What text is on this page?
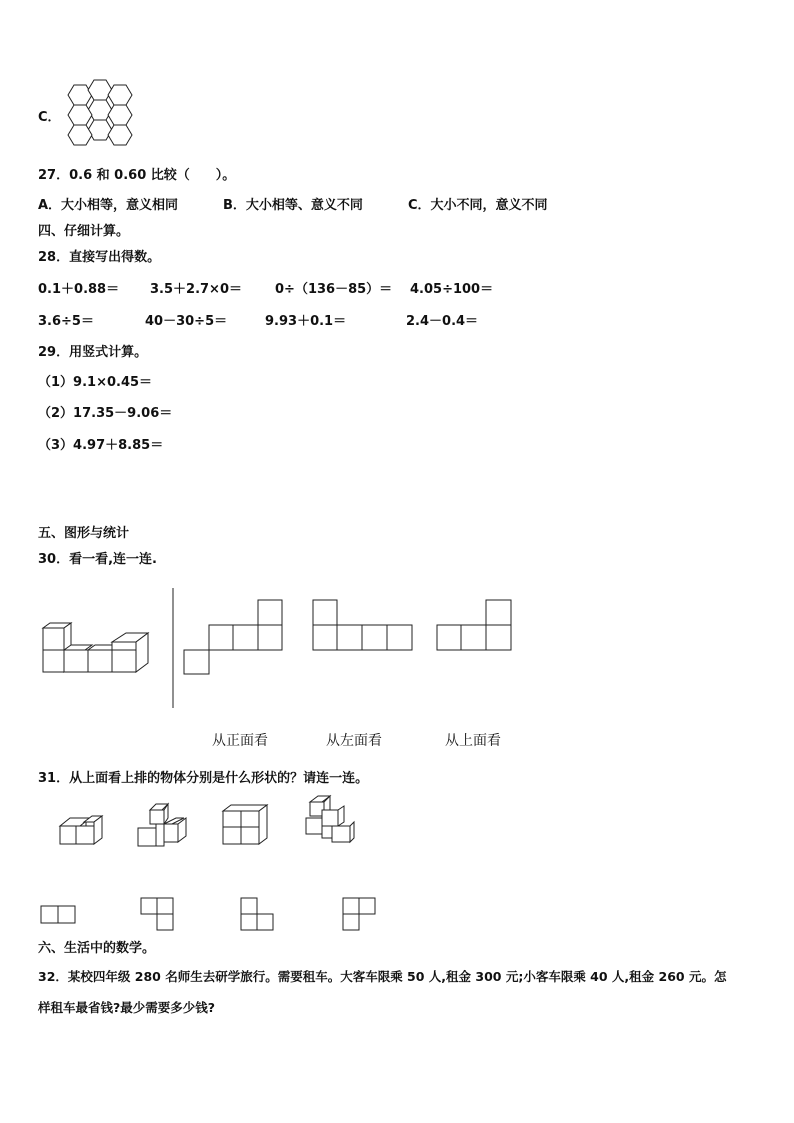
C．
27．0.6 和 0.60 比较（　　）。
A．大小相等，意义相同	B．大小相等、意义不同	C．大小不同，意义不同
四、仔细计算。
28．直接写出得数。
0.1＋0.88＝ 3.5＋2.7×0＝	0÷（136－85）＝ 4.05÷100＝
3.6÷5＝	40－30÷5＝	9.93＋0.1＝	2.4－0.4＝
29．用竖式计算。
（1）9.1×0.45＝
（2）17.35－9.06＝
（3）4.97＋8.85＝
五、图形与统计
30．看一看,连一连.
从正面看	从左面看	从上面看
31．从上面看上排的物体分别是什么形状的？请连一连。
六、生活中的数学。
32．某校四年级 280 名师生去研学旅行。需要租车。大客车限乘 50 人,租金 300 元;小客车限乘 40 人,租金 260 元。怎
样租车最省钱?最少需要多少钱?
